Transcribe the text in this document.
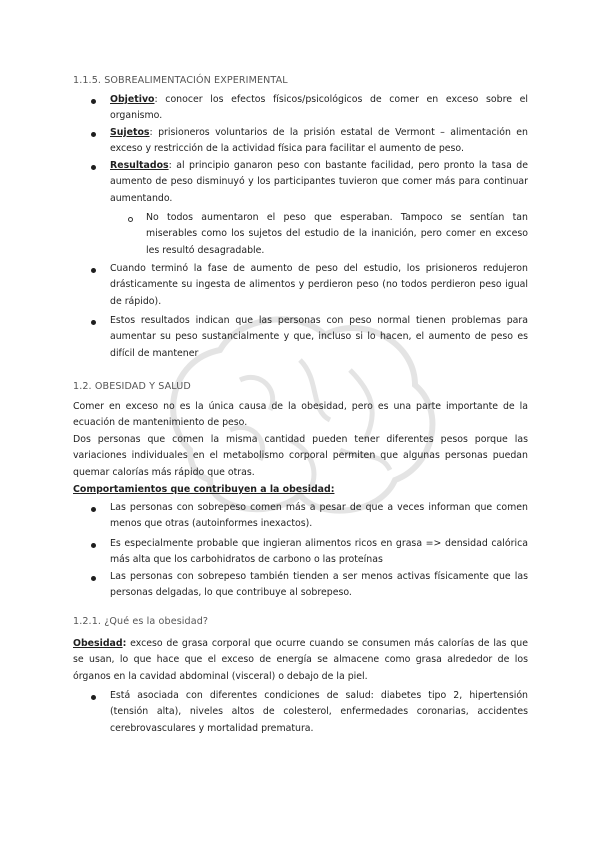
1.1.5. SOBREALIMENTACIÓN EXPERIMENTAL
Objetivo: conocer los efectos físicos/psicológicos de comer en exceso sobre el organismo.
Sujetos: prisioneros voluntarios de la prisión estatal de Vermont – alimentación en exceso y restricción de la actividad física para facilitar el aumento de peso.
Resultados: al principio ganaron peso con bastante facilidad, pero pronto la tasa de aumento de peso disminuyó y los participantes tuvieron que comer más para continuar aumentando.
No todos aumentaron el peso que esperaban. Tampoco se sentían tan miserables como los sujetos del estudio de la inanición, pero comer en exceso les resultó desagradable.
Cuando terminó la fase de aumento de peso del estudio, los prisioneros redujeron drásticamente su ingesta de alimentos y perdieron peso (no todos perdieron peso igual de rápido).
Estos resultados indican que las personas con peso normal tienen problemas para aumentar su peso sustancialmente y que, incluso si lo hacen, el aumento de peso es difícil de mantener
1.2. OBESIDAD Y SALUD
Comer en exceso no es la única causa de la obesidad, pero es una parte importante de la ecuación de mantenimiento de peso.
Dos personas que comen la misma cantidad pueden tener diferentes pesos porque las variaciones individuales en el metabolismo corporal permiten que algunas personas puedan quemar calorías más rápido que otras.
Comportamientos que contribuyen a la obesidad:
Las personas con sobrepeso comen más a pesar de que a veces informan que comen menos que otras (autoinformes inexactos).
Es especialmente probable que ingieran alimentos ricos en grasa => densidad calórica más alta que los carbohidratos de carbono o las proteínas
Las personas con sobrepeso también tienden a ser menos activas físicamente que las personas delgadas, lo que contribuye al sobrepeso.
1.2.1. ¿Qué es la obesidad?
Obesidad: exceso de grasa corporal que ocurre cuando se consumen más calorías de las que se usan, lo que hace que el exceso de energía se almacene como grasa alrededor de los órganos en la cavidad abdominal (visceral) o debajo de la piel.
Está asociada con diferentes condiciones de salud: diabetes tipo 2, hipertensión (tensión alta), niveles altos de colesterol, enfermedades coronarias, accidentes cerebrovasculares y mortalidad prematura.
